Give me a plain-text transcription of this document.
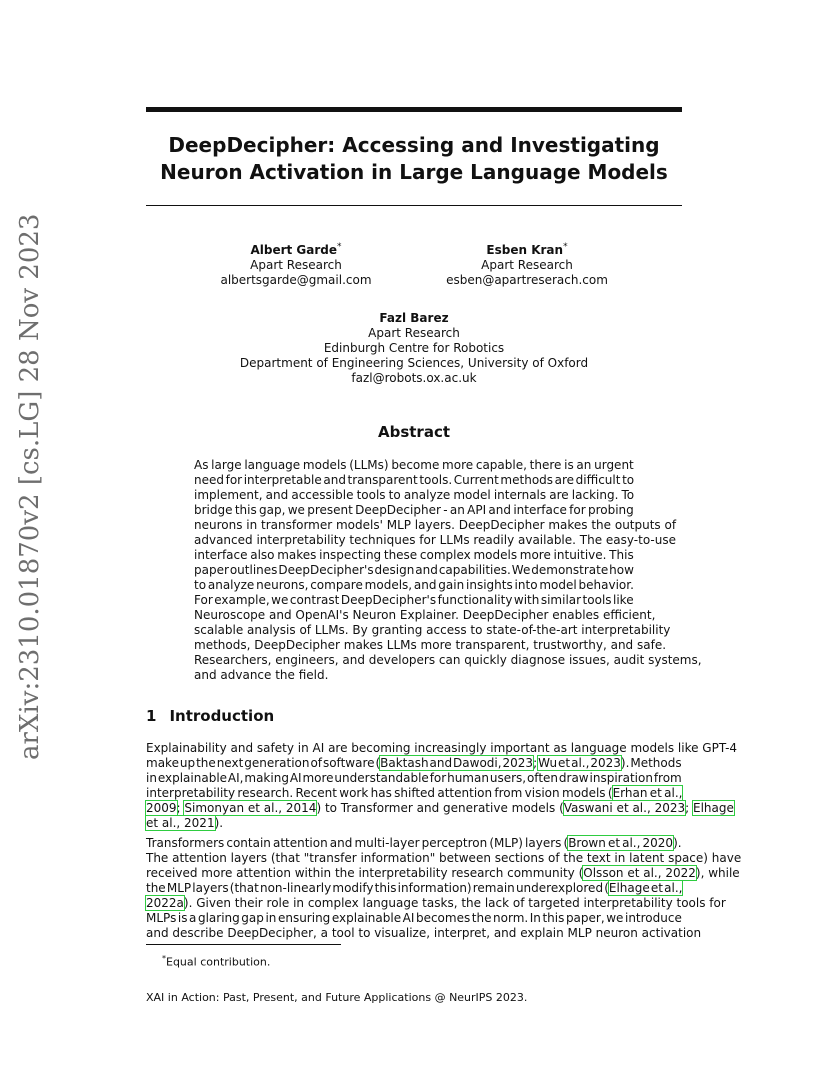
arXiv:2310.01870v2 [cs.LG] 28 Nov 2023
DeepDecipher: Accessing and Investigating
Neuron Activation in Large Language Models
Albert Garde*
Apart Research
albertsgarde@gmail.com
Esben Kran*
Apart Research
esben@apartreserach.com
Fazl Barez
Apart Research
Edinburgh Centre for Robotics
Department of Engineering Sciences, University of Oxford
fazl@robots.ox.ac.uk
Abstract
As large language models (LLMs) become more capable, there is an urgent
need for interpretable and transparent tools. Current methods are difficult to
implement, and accessible tools to analyze model internals are lacking. To
bridge this gap, we present DeepDecipher - an API and interface for probing
neurons in transformer models' MLP layers. DeepDecipher makes the outputs of
advanced interpretability techniques for LLMs readily available. The easy-to-use
interface also makes inspecting these complex models more intuitive. This
paper outlines DeepDecipher's design and capabilities. We demonstrate how
to analyze neurons, compare models, and gain insights into model behavior.
For example, we contrast DeepDecipher's functionality with similar tools like
Neuroscope and OpenAI's Neuron Explainer. DeepDecipher enables efficient,
scalable analysis of LLMs. By granting access to state-of-the-art interpretability
methods, DeepDecipher makes LLMs more transparent, trustworthy, and safe.
Researchers, engineers, and developers can quickly diagnose issues, audit systems,
and advance the field.
1 Introduction
Explainability and safety in AI are becoming increasingly important as language models like GPT-4
make up the next generation of software (Baktash and Dawodi, 2023; Wu et al., 2023). Methods
in explainable AI, making AI more understandable for human users, often draw inspiration from
interpretability research. Recent work has shifted attention from vision models (Erhan et al.,
2009; Simonyan et al., 2014) to Transformer and generative models (Vaswani et al., 2023; Elhage
et al., 2021).
Transformers contain attention and multi-layer perceptron (MLP) layers (Brown et al., 2020).
The attention layers (that "transfer information" between sections of the text in latent space) have
received more attention within the interpretability research community (Olsson et al., 2022), while
the MLP layers (that non-linearly modify this information) remain underexplored (Elhage et al.,
2022a). Given their role in complex language tasks, the lack of targeted interpretability tools for
MLPs is a glaring gap in ensuring explainable AI becomes the norm. In this paper, we introduce
and describe DeepDecipher, a tool to visualize, interpret, and explain MLP neuron activation
*Equal contribution.
XAI in Action: Past, Present, and Future Applications @ NeurIPS 2023.
